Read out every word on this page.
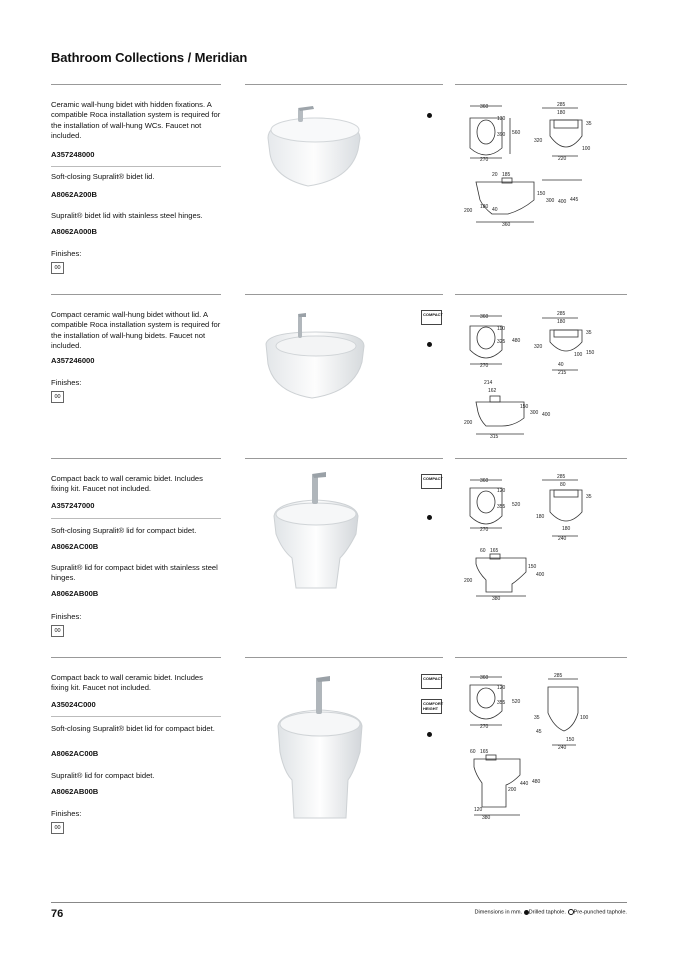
Bathroom Collections / Meridian
Ceramic wall-hung bidet with hidden fixations. A compatible Roca installation system is required for the installation of wall-hung WCs. Faucet not included.
A357248000
Soft-closing Supralit® bidet lid.
A8062A200B
Supralit® bidet lid with stainless steel hinges.
A8062A000B
Finishes:
00
360
130
390 560
270
285
180
35
320
100
220
20 185
150
300 400 445
200
180 40
360
Compact ceramic wall-hung bidet without lid. A compatible Roca installation system is required for the installation of wall-hung bidets. Faucet not included.
A357246000
Finishes:
00
COMPACT	360
110
325 480
270
285
180
35
320
100 150
40
215
214
162
150
300 400
200
315
Compact back to wall ceramic bidet. Includes fixing kit. Faucet not included.
A357247000
Soft-closing Supralit® lid for compact bidet.
A8062AC00B
Supralit® lid for compact bidet with stainless steel hinges.
A8062AB00B
Finishes:
00
COMPACT	360
120
355 520
270
285
80
35
180
180
240
60 165
150
400
200
380
Compact back to wall ceramic bidet. Includes fixing kit. Faucet not included.
A35024C000
Soft-closing Supralit® bidet lid for compact bidet.
A8062AC00B
Supralit® lid for compact bidet.
A8062AB00B
Finishes:
00
COMPACT
COMFORT HEIGHT
360
120
355 520
270
285
35	100
45
150
240
60 165
440 480
200
120
380
76	Dimensions in mm. Drilled taphole. Pre-punched taphole.
